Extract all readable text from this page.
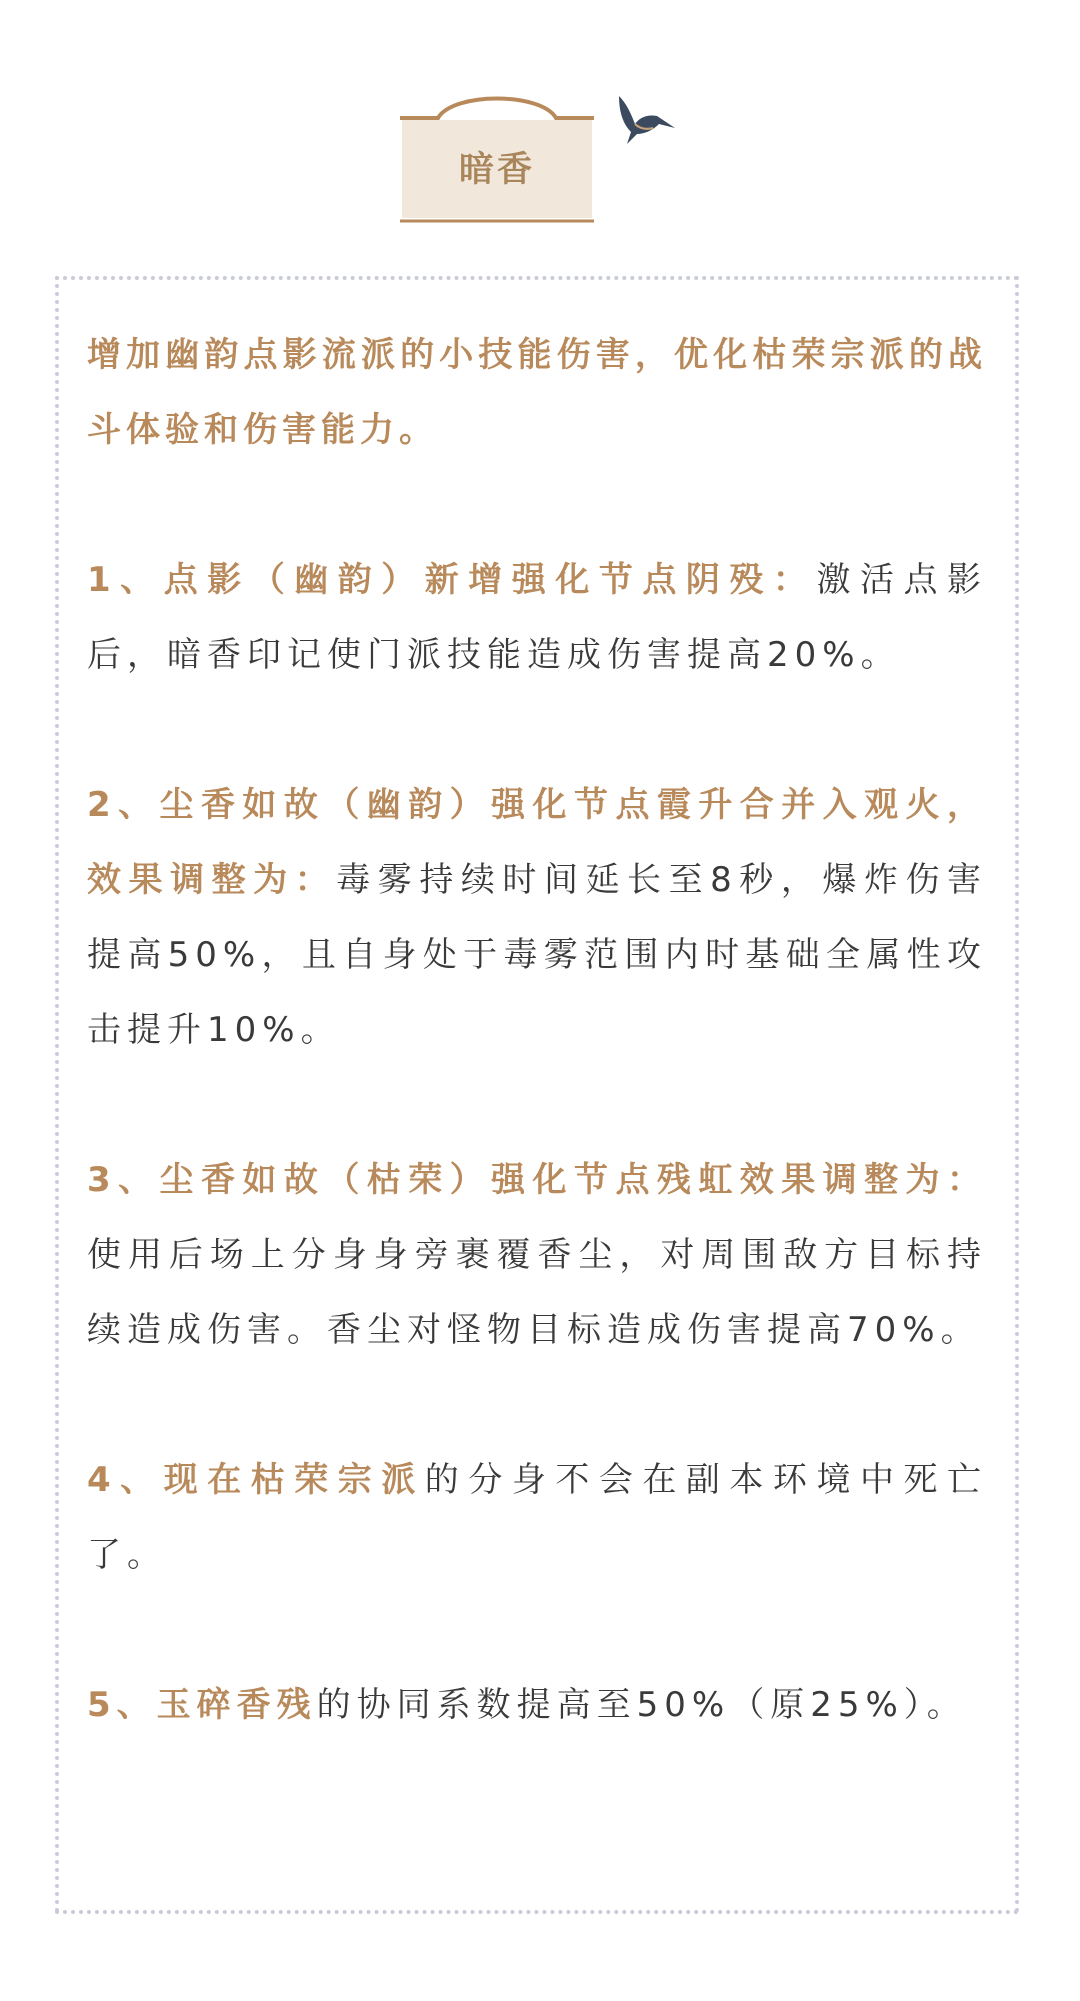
暗香

增加幽韵点影流派的小技能伤害，优化枯荣宗派的战斗体验和伤害能力。

1、点影（幽韵）新增强化节点阴殁：激活点影后，暗香印记使门派技能造成伤害提高20%。

2、尘香如故（幽韵）强化节点霞升合并入观火，效果调整为：毒雾持续时间延长至8秒，爆炸伤害提高50%，且自身处于毒雾范围内时基础全属性攻击提升10%。

3、尘香如故（枯荣）强化节点残虹效果调整为：使用后场上分身身旁裹覆香尘，对周围敌方目标持续造成伤害。香尘对怪物目标造成伤害提高70%。

4、现在枯荣宗派的分身不会在副本环境中死亡了。

5、玉碎香残的协同系数提高至50%（原25%）。
